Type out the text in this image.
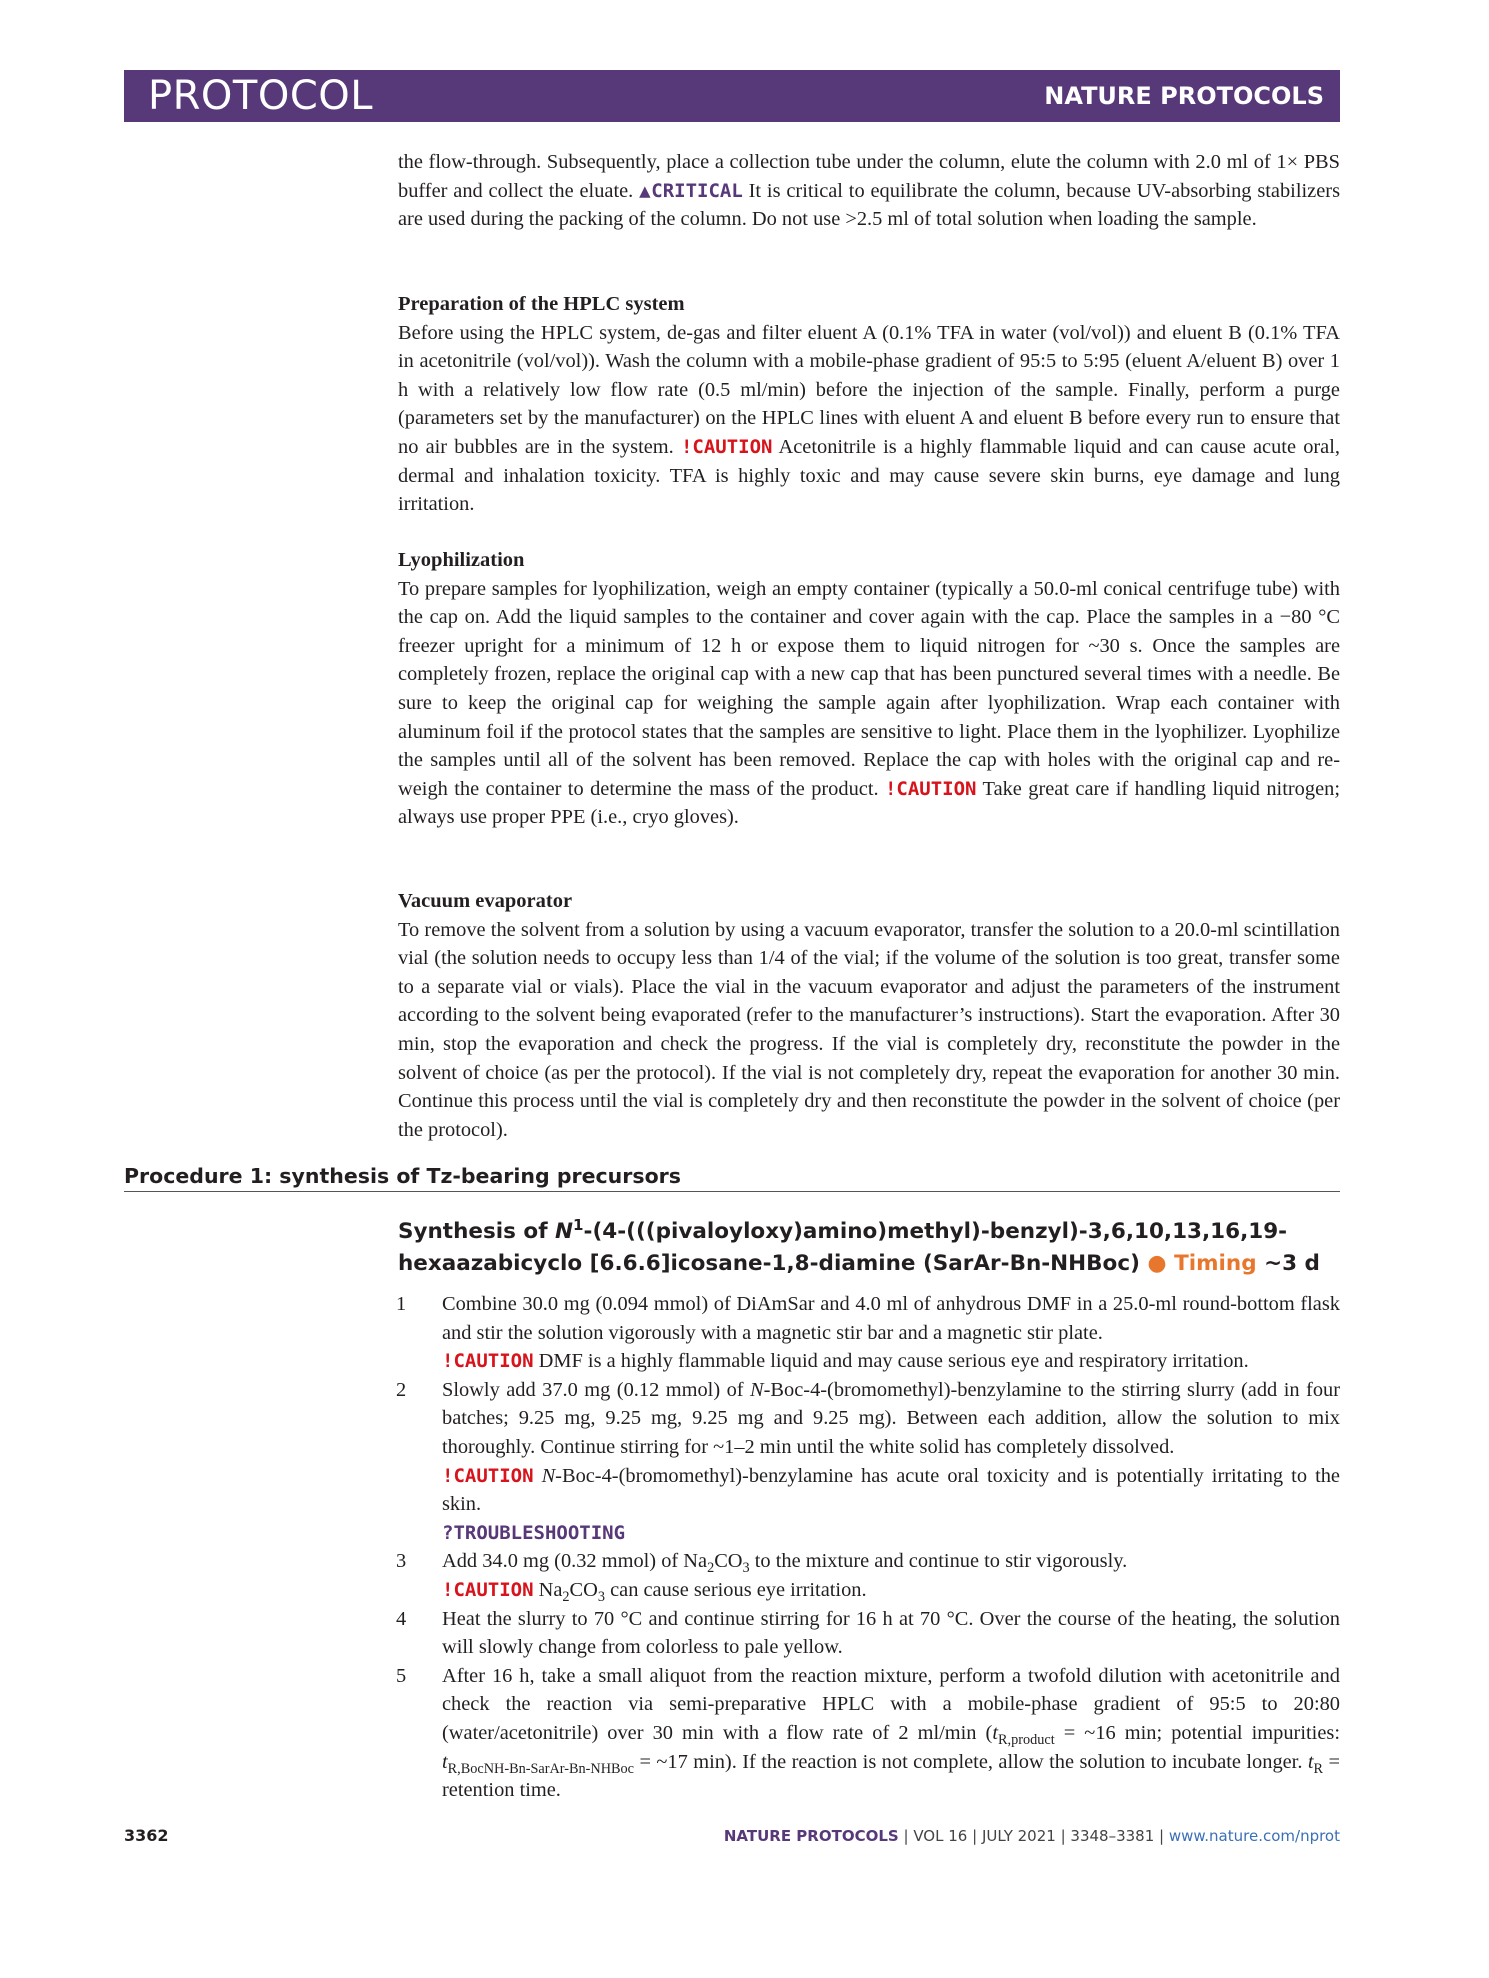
PROTOCOL	NATURE PROTOCOLS

the flow-through. Subsequently, place a collection tube under the column, elute the column with 2.0 ml of 1× PBS buffer and collect the eluate. ▲CRITICAL It is critical to equilibrate the column, because UV-absorbing stabilizers are used during the packing of the column. Do not use >2.5 ml of total solution when loading the sample.

Preparation of the HPLC system

Before using the HPLC system, de-gas and filter eluent A (0.1% TFA in water (vol/vol)) and eluent B (0.1% TFA in acetonitrile (vol/vol)). Wash the column with a mobile-phase gradient of 95:5 to 5:95 (eluent A/eluent B) over 1 h with a relatively low flow rate (0.5 ml/min) before the injection of the sample. Finally, perform a purge (parameters set by the manufacturer) on the HPLC lines with eluent A and eluent B before every run to ensure that no air bubbles are in the system. !CAUTION Acetonitrile is a highly flammable liquid and can cause acute oral, dermal and inhalation toxicity. TFA is highly toxic and may cause severe skin burns, eye damage and lung irritation.

Lyophilization

To prepare samples for lyophilization, weigh an empty container (typically a 50.0-ml conical centrifuge tube) with the cap on. Add the liquid samples to the container and cover again with the cap. Place the samples in a −80 °C freezer upright for a minimum of 12 h or expose them to liquid nitrogen for ~30 s. Once the samples are completely frozen, replace the original cap with a new cap that has been punctured several times with a needle. Be sure to keep the original cap for weighing the sample again after lyophilization. Wrap each container with aluminum foil if the protocol states that the samples are sensitive to light. Place them in the lyophilizer. Lyophilize the samples until all of the solvent has been removed. Replace the cap with holes with the original cap and re-weigh the container to determine the mass of the product. !CAUTION Take great care if handling liquid nitrogen; always use proper PPE (i.e., cryo gloves).

Vacuum evaporator

To remove the solvent from a solution by using a vacuum evaporator, transfer the solution to a 20.0-ml scintillation vial (the solution needs to occupy less than 1/4 of the vial; if the volume of the solution is too great, transfer some to a separate vial or vials). Place the vial in the vacuum evaporator and adjust the parameters of the instrument according to the solvent being evaporated (refer to the manufacturer’s instructions). Start the evaporation. After 30 min, stop the evaporation and check the progress. If the vial is completely dry, reconstitute the powder in the solvent of choice (as per the protocol). If the vial is not completely dry, repeat the evaporation for another 30 min. Continue this process until the vial is completely dry and then reconstitute the powder in the solvent of choice (per the protocol).

Procedure 1: synthesis of Tz-bearing precursors
Synthesis of $N^1-(4-(((pivaloyloxy)amino)methyl)-benzyl)-3,6,10,13,16,19$-hexaazabicyclo [6.6.6]icosane-1,8-diamine (SarAr-Bn-NHBoc) ● Timing ~3 d
1 Combine 30.0 mg (0.094 mmol) of DiAmSar and 4.0 ml of anhydrous DMF in a 25.0-ml round-bottom flask and stir the solution vigorously with a magnetic stir bar and a magnetic stir plate.
!CAUTION DMF is a highly flammable liquid and may cause serious eye and respiratory irritation.
2 Slowly add 37.0 mg (0.12 mmol) of N-Boc-4-(bromomethyl)-benzylamine to the stirring slurry (add in four batches; 9.25 mg, 9.25 mg, 9.25 mg and 9.25 mg). Between each addition, allow the solution to mix thoroughly. Continue stirring for ~1–2 min until the white solid has completely dissolved.
!CAUTION N-Boc-4-(bromomethyl)-benzylamine has acute oral toxicity and is potentially irritating to the skin.
?TROUBLESHOOTING
3 Add 34.0 mg (0.32 mmol) of $Na_2CO_3$ to the mixture and continue to stir vigorously.
!CAUTION $Na_2CO_3$ can cause serious eye irritation.
4 Heat the slurry to 70 °C and continue stirring for 16 h at 70 °C. Over the course of the heating, the solution will slowly change from colorless to pale yellow.
5 After 16 h, take a small aliquot from the reaction mixture, perform a twofold dilution with acetonitrile and check the reaction via semi-preparative HPLC with a mobile-phase gradient of 95:5 to 20:80 (water/acetonitrile) over 30 min with a flow rate of 2 ml/min ($t_{R,product}$ = ~16 min; potential impurities: $t_{R,BocNH-Bn-SarAr-Bn-NHBoc}$ = ~17 min). If the reaction is not complete, allow the solution to incubate longer. $t_R$ = retention time.
3362	NATURE PROTOCOLS | VOL 16 | JULY 2021 | 3348–3381 | www.nature.com/nprot
